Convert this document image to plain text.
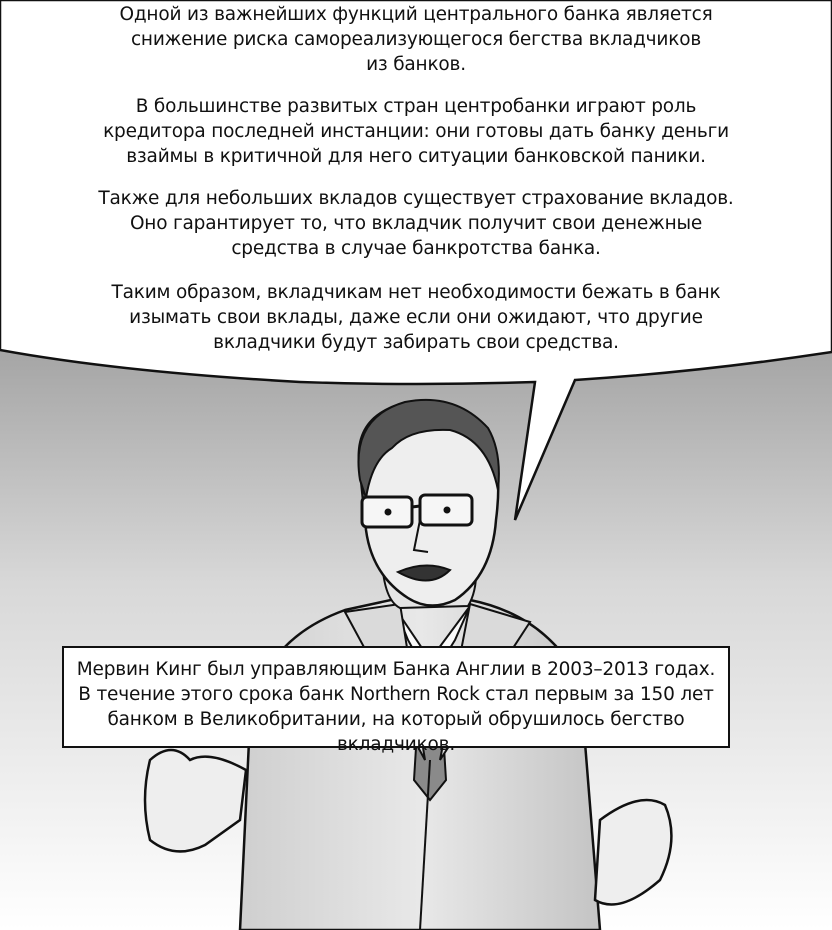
Одной из важнейших функций центрального банка является
снижение риска самореализующегося бегства вкладчиков
из банков.
В большинстве развитых стран центробанки играют роль
кредитора последней инстанции: они готовы дать банку деньги
взаймы в критичной для него ситуации банковской паники.
Также для небольших вкладов существует страхование вкладов.
Оно гарантирует то, что вкладчик получит свои денежные
средства в случае банкротства банка.
Таким образом, вкладчикам нет необходимости бежать в банк
изымать свои вклады, даже если они ожидают, что другие
вкладчики будут забирать свои средства.
Мервин Кинг был управляющим Банка Англии в 2003–2013 годах.
В течение этого срока банк Northern Rock стал первым за 150 лет
банком в Великобритании, на который обрушилось бегство вкладчиков.
